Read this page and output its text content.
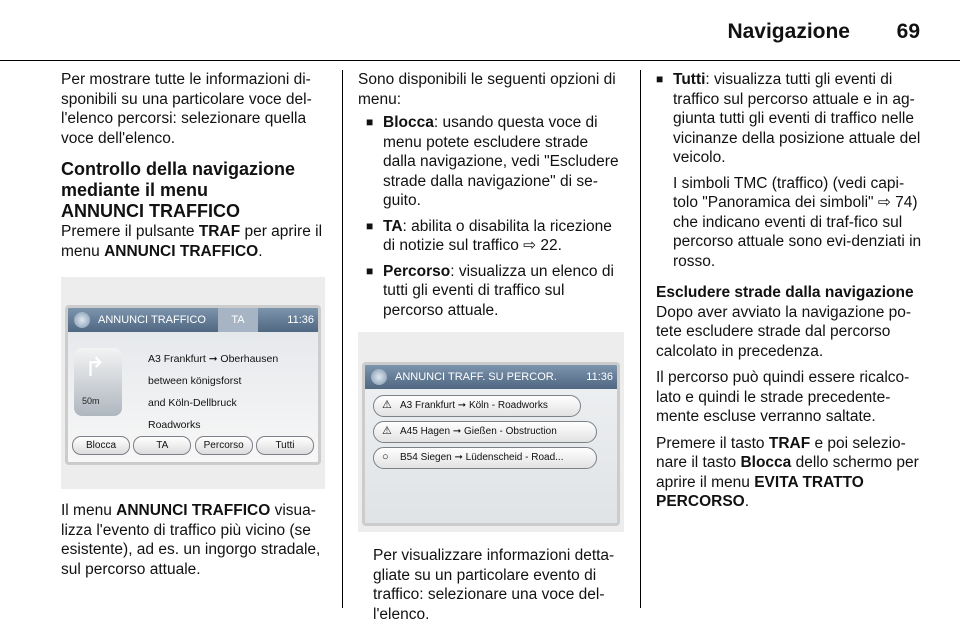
Navigazione	69

Per mostrare tutte le informazioni di-sponibili su una particolare voce del-l'elenco percorsi: selezionare quella voce dell'elenco.

Controllo della navigazione mediante il menu
ANNUNCI TRAFFICO

Premere il pulsante TRAF per aprire il menu ANNUNCI TRAFFICO.

ANNUNCI TRAFFICO	TA	11:36
↱
50m
A3 Frankfurt ➞ Oberhausen
between königsforst
and Köln-Dellbruck
Roadworks
Blocca	TA	Percorso	Tutti

Il menu ANNUNCI TRAFFICO visua-lizza l'evento di traffico più vicino (se esistente), ad es. un ingorgo stradale, sul percorso attuale.

Sono disponibili le seguenti opzioni di menu:

■ Blocca: usando questa voce di menu potete escludere strade dalla navigazione, vedi "Escludere strade dalla navigazione" di se-guito.
■ TA: abilita o disabilita la ricezione di notizie sul traffico ⇨ 22.
■ Percorso: visualizza un elenco di tutti gli eventi di traffico sul percorso attuale.
ANNUNCI TRAFF. SU PERCOR.	11:36
⚠ A3 Frankfurt ➞ Köln - Roadworks
⚠ A45 Hagen ➞ Gießen - Obstruction
○ B54 Siegen ➞ Lüdenscheid - Road...

Per visualizzare informazioni detta-gliate su un particolare evento di traffico: selezionare una voce del-l'elenco.

■ Tutti: visualizza tutti gli eventi di traffico sul percorso attuale e in ag-giunta tutti gli eventi di traffico nelle vicinanze della posizione attuale del veicolo.

I simboli TMC (traffico) (vedi capi-tolo "Panoramica dei simboli" ⇨ 74) che indicano eventi di traf-fico sul percorso attuale sono evi-denziati in rosso.

Escludere strade dalla navigazione

Dopo aver avviato la navigazione po-tete escludere strade dal percorso calcolato in precedenza.

Il percorso può quindi essere ricalco-lato e quindi le strade precedente-mente escluse verranno saltate.

Premere il tasto TRAF e poi selezio-nare il tasto Blocca dello schermo per aprire il menu EVITA TRATTO PERCORSO.
